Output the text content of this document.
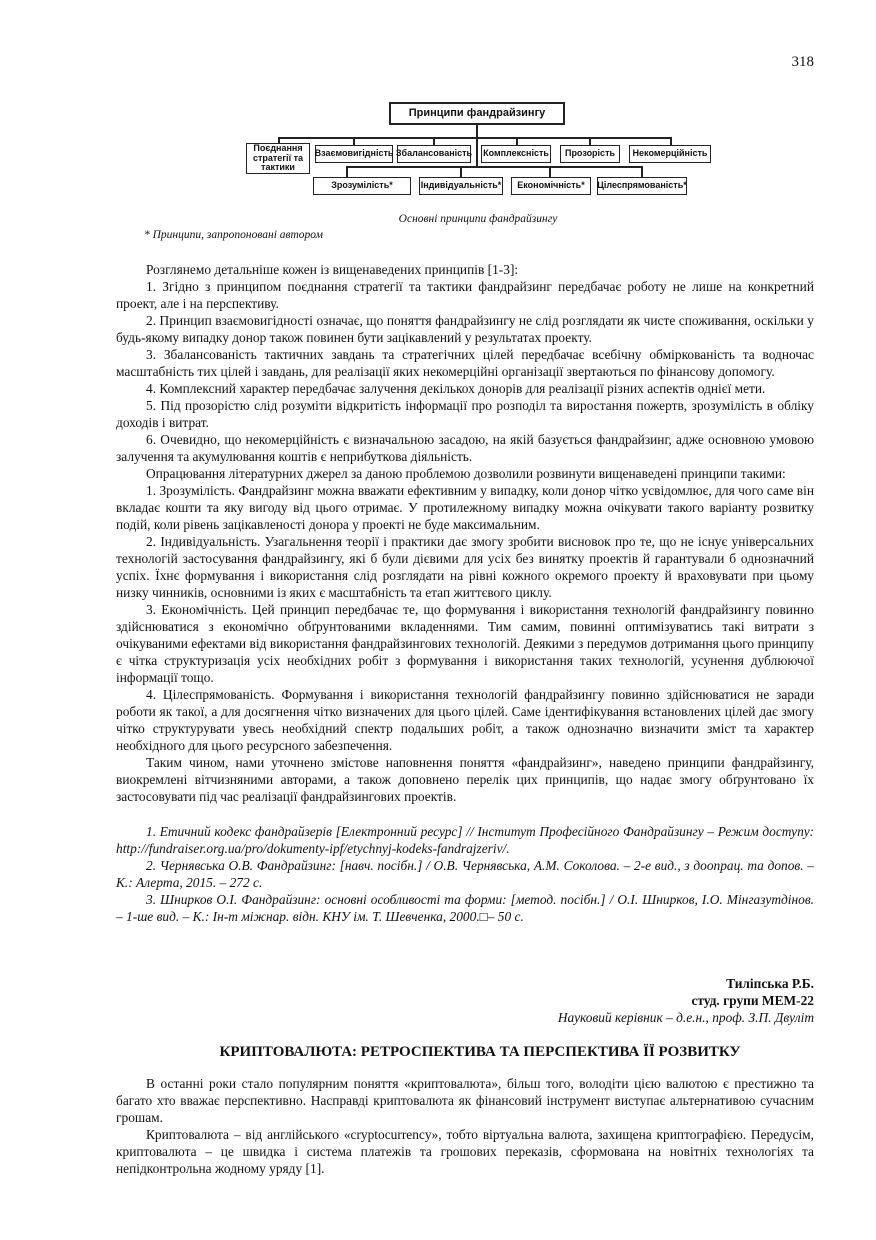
318
Принципи фандрайзингу
Поєднання стратегії та тактики
Взаємовигідність Збалансованість Комплексність	Прозорість	Некомерційність
Зрозумілість*	Індивідуальність*	Економічність*	Цілеспрямованість*
Основні принципи фандрайзингу
* Принципи, запропоновані автором

Розглянемо детальніше кожен із вищенаведених принципів [1-3]:

1. Згідно з принципом поєднання стратегії та тактики фандрайзинг передбачає роботу не лише на конкретний проект, але і на перспективу.

2. Принцип взаємовигідності означає, що поняття фандрайзингу не слід розглядати як чисте споживання, оскільки у будь-якому випадку донор також повинен бути зацікавлений у результатах проекту.

3. Збалансованість тактичних завдань та стратегічних цілей передбачає всебічну обміркованість та водночас масштабність тих цілей і завдань, для реалізації яких некомерційні організації звертаються по фінансову допомогу.

4. Комплексний характер передбачає залучення декількох донорів для реалізації різних аспектів однієї мети.

5. Під прозорістю слід розуміти відкритість інформації про розподіл та виростання пожертв, зрозумілість в обліку доходів і витрат.

6. Очевидно, що некомерційність є визначальною засадою, на якій базується фандрайзинг, адже основною умовою залучення та акумулювання коштів є неприбуткова діяльність.

Опрацювання літературних джерел за даною проблемою дозволили розвинути вищенаведені принципи такими:

1. Зрозумілість. Фандрайзинг можна вважати ефективним у випадку, коли донор чітко усвідомлює, для чого саме він вкладає кошти та яку вигоду від цього отримає. У протилежному випадку можна очікувати такого варіанту розвитку подій, коли рівень зацікавленості донора у проекті не буде максимальним.

2. Індивідуальність. Узагальнення теорії і практики дає змогу зробити висновок про те, що не існує універсальних технологій застосування фандрайзингу, які б були дієвими для усіх без винятку проектів й гарантували б однозначний успіх. Їхнє формування і використання слід розглядати на рівні кожного окремого проекту й враховувати при цьому низку чинників, основними із яких є масштабність та етап життєвого циклу.

3. Економічність. Цей принцип передбачає те, що формування і використання технологій фандрайзингу повинно здійснюватися з економічно обґрунтованими вкладеннями. Тим самим, повинні оптимізуватись такі витрати з очікуваними ефектами від використання фандрайзингових технологій. Деякими з передумов дотримання цього принципу є чітка структуризація усіх необхідних робіт з формування і використання таких технологій, усунення дублюючої інформації тощо.

4. Цілеспрямованість. Формування і використання технологій фандрайзингу повинно здійснюватися не заради роботи як такої, а для досягнення чітко визначених для цього цілей. Саме ідентифікування встановлених цілей дає змогу чітко структурувати увесь необхідний спектр подальших робіт, а також однозначно визначити зміст та характер необхідного для цього ресурсного забезпечення.

Таким чином, нами уточнено змістове наповнення поняття «фандрайзинг», наведено принципи фандрайзингу, виокремлені вітчизняними авторами, а також доповнено перелік цих принципів, що надає змогу обґрунтовано їх застосовувати під час реалізації фандрайзингових проектів.

1. Етичний кодекс фандрайзерів [Електронний ресурс] // Інститут Професійного Фандрайзингу – Режим доступу: http://fundraiser.org.ua/pro/dokumenty-ipf/etychnyj-kodeks-fandrajzeriv/.

2. Чернявська О.В. Фандрайзинг: [навч. посібн.] / О.В. Чернявська, А.М. Соколова. – 2-е вид., з доопрац. та допов. – К.: Алерта, 2015. – 272 с.

3. Шнирков О.І. Фандрайзинг: основні особливості та форми: [метод. посібн.] / О.І. Шнирков, І.О. Мінгазутдінов. – 1-ше вид. – К.: Ін-т міжнар. відн. КНУ ім. Т. Шевченка, 2000.□– 50 с.

Тиліпська Р.Б.
студ. групи МЕМ-22
Науковий керівник – д.е.н., проф. З.П. Двуліт

КРИПТОВАЛЮТА: РЕТРОСПЕКТИВА ТА ПЕРСПЕКТИВА ЇЇ РОЗВИТКУ

В останні роки стало популярним поняття «криптовалюта», більш того, володіти цією валютою є престижно та багато хто вважає перспективно. Насправді криптовалюта як фінансовий інструмент виступає альтернативою сучасним грошам.

Криптовалюта – від англійського «cryptocurrency», тобто віртуальна валюта, захищена криптографією. Передусім, криптовалюта – це швидка і система платежів та грошових переказів, сформована на новітніх технологіях та непідконтрольна жодному уряду [1].
